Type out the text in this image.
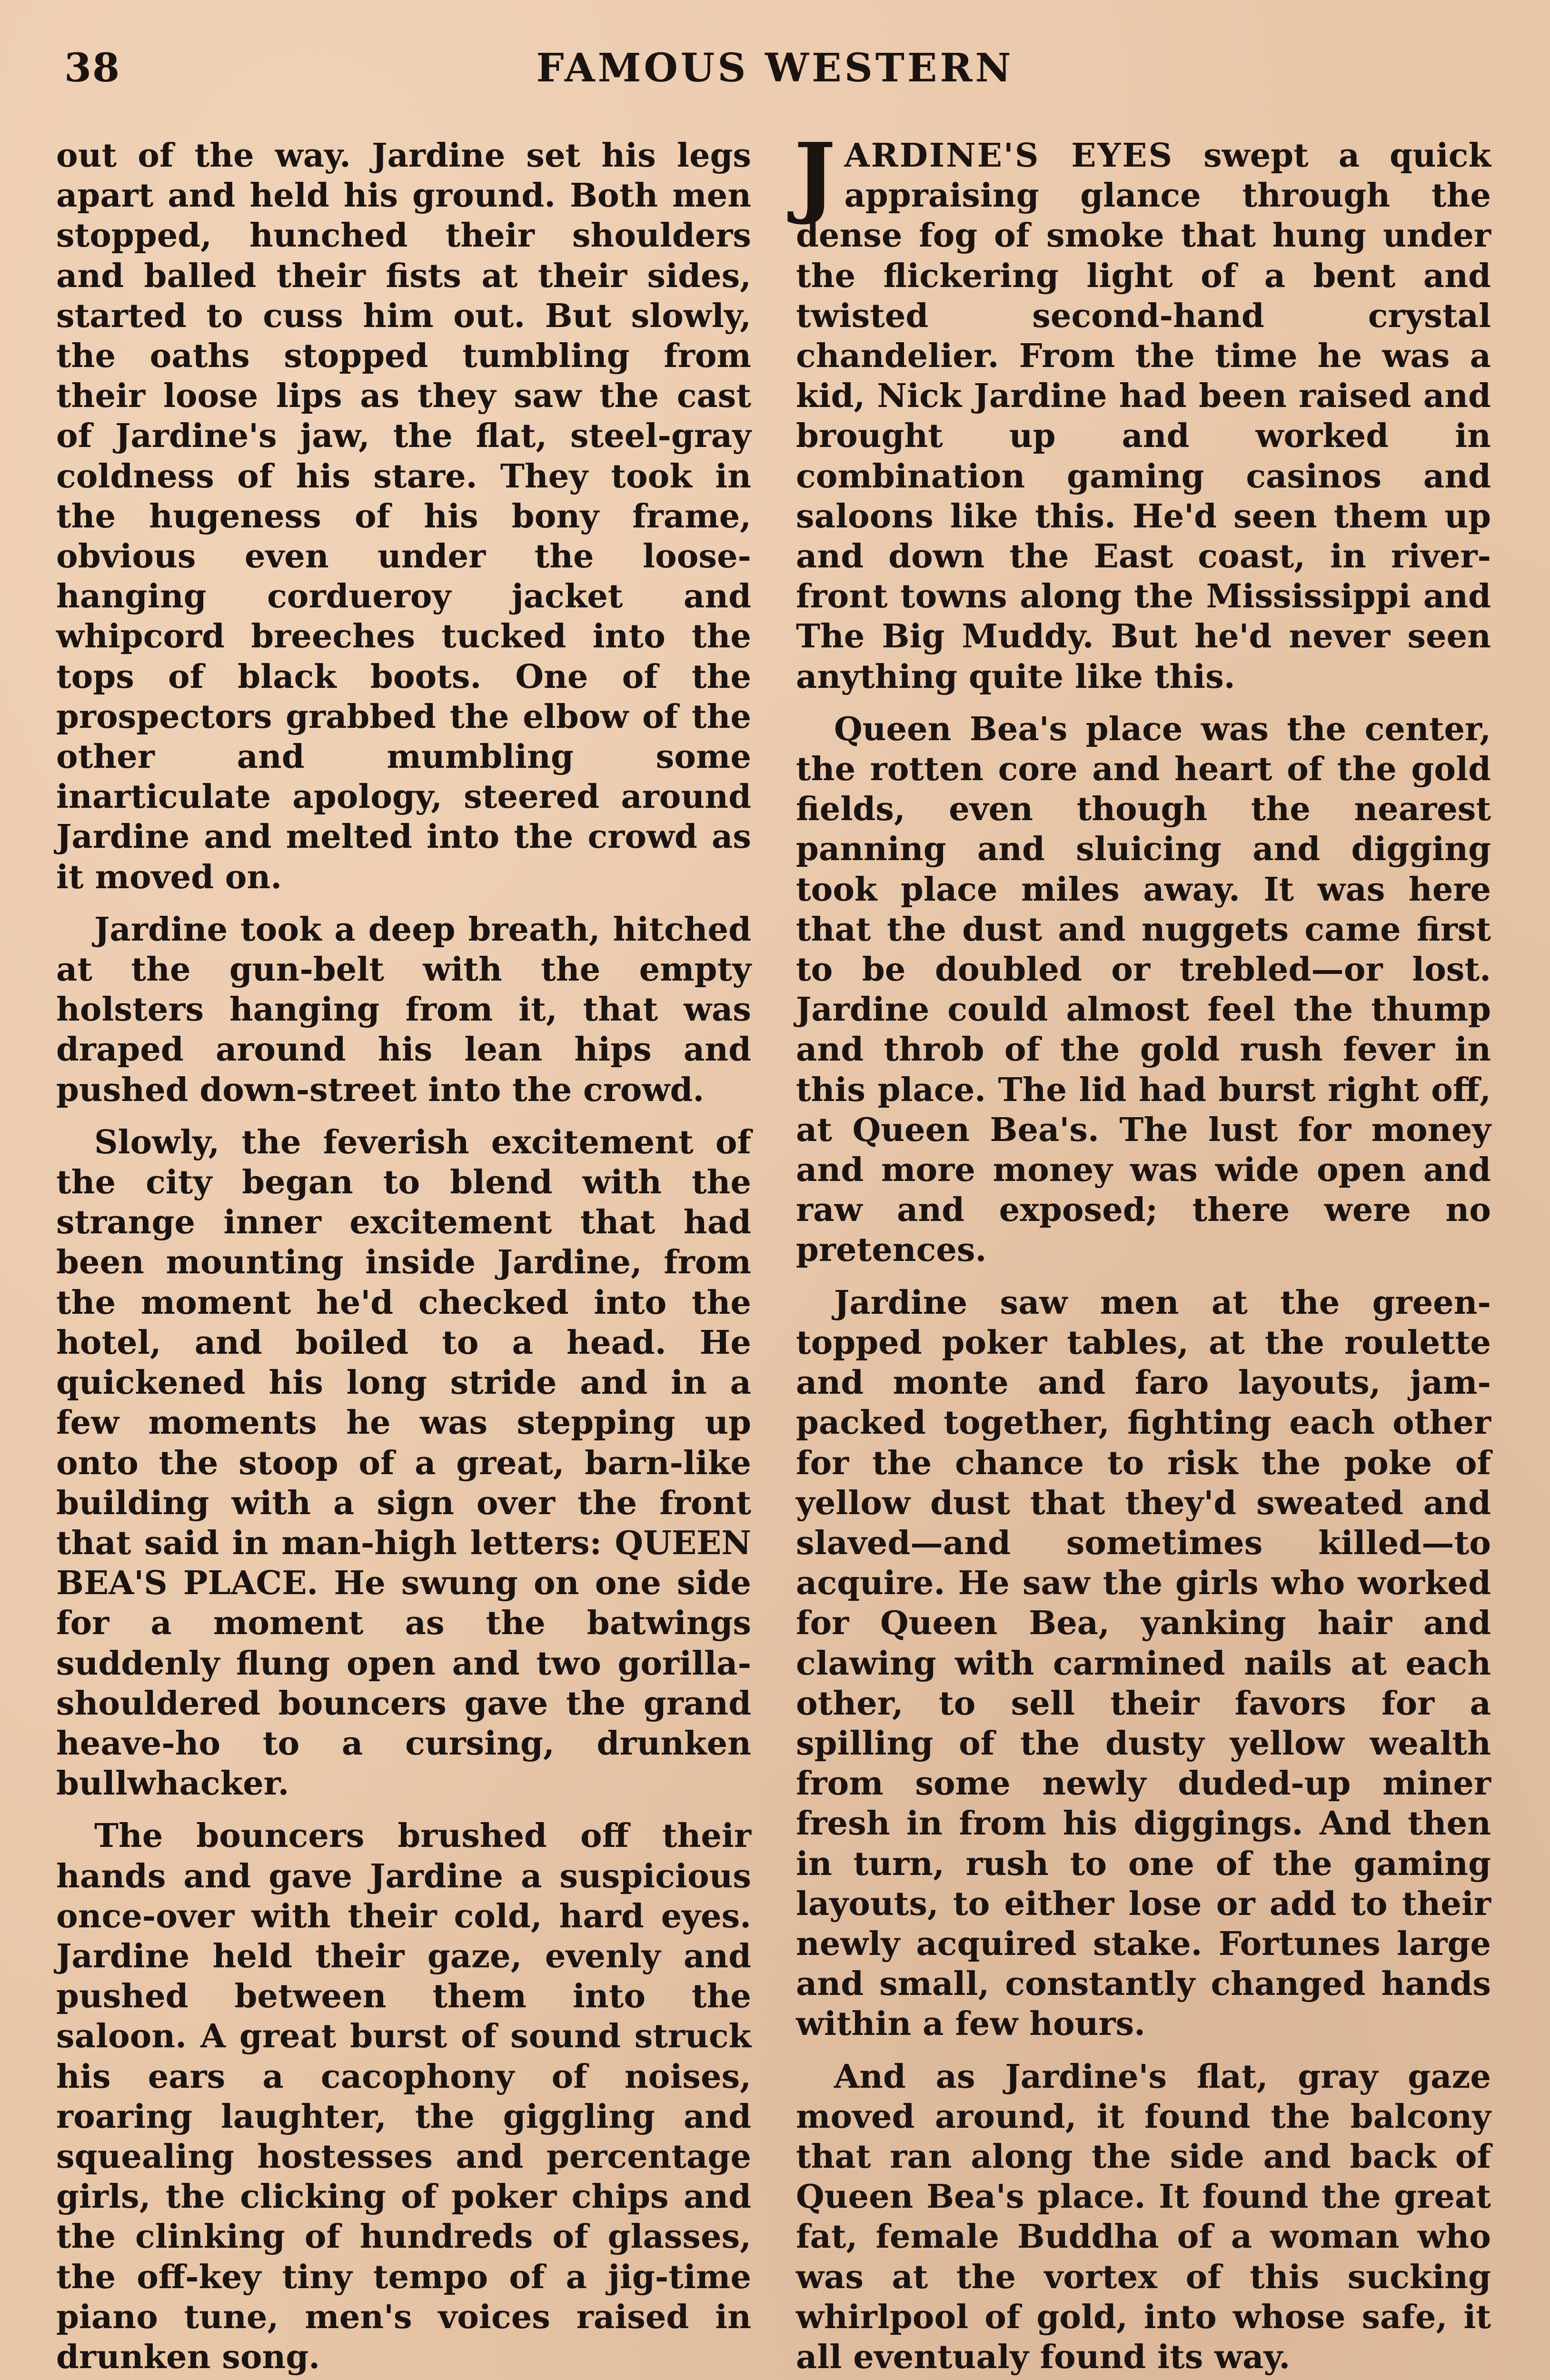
38	FAMOUS WESTERN

out of the way. Jardine set his legs apart and held his ground. Both men stopped, hunched their shoulders and balled their fists at their sides, started to cuss him out. But slowly, the oaths stopped tumbling from their loose lips as they saw the cast of Jardine's jaw, the flat, steel-gray coldness of his stare. They took in the hugeness of his bony frame, obvious even under the loose-hanging cordueroy jacket and whipcord breeches tucked into the tops of black boots. One of the prospectors grabbed the elbow of the other and mumbling some inarticulate apology, steered around Jardine and melted into the crowd as it moved on.

Jardine took a deep breath, hitched at the gun-belt with the empty holsters hanging from it, that was draped around his lean hips and pushed down-street into the crowd.

Slowly, the feverish excitement of the city began to blend with the strange inner excitement that had been mounting inside Jardine, from the moment he'd checked into the hotel, and boiled to a head. He quickened his long stride and in a few moments he was stepping up onto the stoop of a great, barn-like building with a sign over the front that said in man-high letters: QUEEN BEA'S PLACE. He swung on one side for a moment as the batwings suddenly flung open and two gorilla-shouldered bouncers gave the grand heave-ho to a cursing, drunken bullwhacker.

The bouncers brushed off their hands and gave Jardine a suspicious once-over with their cold, hard eyes. Jardine held their gaze, evenly and pushed between them into the saloon. A great burst of sound struck his ears a cacophony of noises, roaring laughter, the giggling and squealing hostesses and percentage girls, the clicking of poker chips and the clinking of hundreds of glasses, the off-key tiny tempo of a jig-time piano tune, men's voices raised in drunken song.

JARDINE'S EYES swept a quick appraising glance through the dense fog of smoke that hung under the flickering light of a bent and twisted second-hand crystal chandelier. From the time he was a kid, Nick Jardine had been raised and brought up and worked in combination gaming casinos and saloons like this. He'd seen them up and down the East coast, in river-front towns along the Mississippi and The Big Muddy. But he'd never seen anything quite like this.

Queen Bea's place was the center, the rotten core and heart of the gold fields, even though the nearest panning and sluicing and digging took place miles away. It was here that the dust and nuggets came first to be doubled or trebled—or lost. Jardine could almost feel the thump and throb of the gold rush fever in this place. The lid had burst right off, at Queen Bea's. The lust for money and more money was wide open and raw and exposed; there were no pretences.

Jardine saw men at the green-topped poker tables, at the roulette and monte and faro layouts, jam-packed together, fighting each other for the chance to risk the poke of yellow dust that they'd sweated and slaved—and sometimes killed—to acquire. He saw the girls who worked for Queen Bea, yanking hair and clawing with carmined nails at each other, to sell their favors for a spilling of the dusty yellow wealth from some newly duded-up miner fresh in from his diggings. And then in turn, rush to one of the gaming layouts, to either lose or add to their newly acquired stake. Fortunes large and small, constantly changed hands within a few hours.

And as Jardine's flat, gray gaze moved around, it found the balcony that ran along the side and back of Queen Bea's place. It found the great fat, female Buddha of a woman who was at the vortex of this sucking whirlpool of gold, into whose safe, it all eventualy found its way.
